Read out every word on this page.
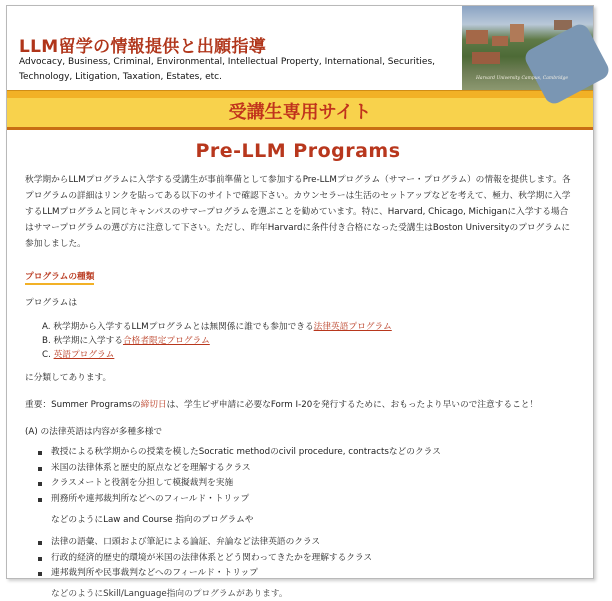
LLM留学の情報提供と出願指導
Advocacy, Business, Criminal, Environmental, Intellectual Property, International, Securities, Technology, Litigation, Taxation, Estates, etc.	Harvard University Campus, Cambridge
受講生専用サイト
Pre-LLM Programs

秋学期からLLMプログラムに入学する受講生が事前準備として参加するPre-LLMプログラム（サマー・プログラム）の情報を提供します。各プログラムの詳細はリンクを貼ってある以下のサイトで確認下さい。カウンセラーは生活のセットアップなどを考えて、極力、秋学期に入学するLLMプログラムと同じキャンパスのサマープログラムを選ぶことを勧めています。特に、Harvard, Chicago, Michiganに入学する場合はサマープログラムの選び方に注意して下さい。ただし、昨年Harvardに条件付き合格になった受講生はBoston Universityのプログラムに参加しました。

プログラムの種類

プログラムは

A. 秋学期から入学するLLMプログラムとは無関係に誰でも参加できる法律英語プログラム
B. 秋学期に入学する合格者限定プログラム
C. 英語プログラム

に分類してあります。

重要：Summer Programsの締切日は、学生ビザ申請に必要なForm I-20を発行するために、おもったより早いので注意すること！

(A) の法律英語は内容が多種多様で

教授による秋学期からの授業を模したSocratic methodのcivil procedure, contractsなどのクラス
米国の法律体系と歴史的原点などを理解するクラス
クラスメートと役割を分担して模擬裁判を実施
刑務所や連邦裁判所などへのフィールド・トリップ

などのようにLaw and Course 指向のプログラムや

法律の語彙、口頭および筆記による論証、弁論など法律英語のクラス
行政的経済的歴史的環境が米国の法律体系とどう関わってきたかを理解するクラス
連邦裁判所や民事裁判などへのフィールド・トリップ

などのようにSkill/Language指向のプログラムがあります。
